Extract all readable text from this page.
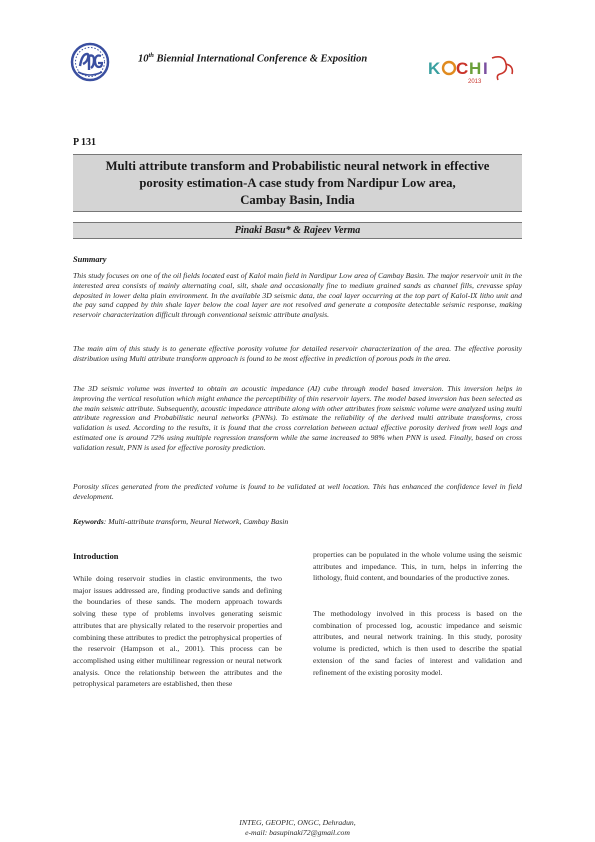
10th Biennial International Conference & Exposition	K C H I
2013
P 131
Multi attribute transform and Probabilistic neural network in effective
porosity estimation-A case study from Nardipur Low area,
Cambay Basin, India
Pinaki Basu* & Rajeev Verma
Summary

This study focuses on one of the oil fields located east of Kalol main field in Nardipur Low area of Cambay Basin. The major reservoir unit in the interested area consists of mainly alternating coal, silt, shale and occasionally fine to medium grained sands as channel fills, crevasse splay deposited in lower delta plain environment. In the available 3D seismic data, the coal layer occurring at the top part of Kalol-IX litho unit and the pay sand capped by thin shale layer below the coal layer are not resolved and generate a composite detectable seismic response, making reservoir characterization difficult through conventional seismic attribute analysis.

The main aim of this study is to generate effective porosity volume for detailed reservoir characterization of the area. The effective porosity distribution using Multi attribute transform approach is found to be most effective in prediction of porous pods in the area.

The 3D seismic volume was inverted to obtain an acoustic impedance (AI) cube through model based inversion. This inversion helps in improving the vertical resolution which might enhance the perceptibility of thin reservoir layers. The model based inversion has been selected as the main seismic attribute. Subsequently, acoustic impedance attribute along with other attributes from seismic volume were analyzed using multi attribute regression and Probabilistic neural networks (PNNs). To estimate the reliability of the derived multi attribute transforms, cross validation is used. According to the results, it is found that the cross correlation between actual effective porosity derived from well logs and estimated one is around 72% using multiple regression transform while the same increased to 98% when PNN is used. Finally, based on cross validation result, PNN is used for effective porosity prediction.

Porosity slices generated from the predicted volume is found to be validated at well location. This has enhanced the confidence level in field development.

Keywords: Multi-attribute transform, Neural Network, Cambay Basin
Introduction

While doing reservoir studies in clastic environments, the two major issues addressed are, finding productive sands and defining the boundaries of these sands. The modern approach towards solving these type of problems involves generating seismic attributes that are physically related to the reservoir properties and combining these attributes to predict the petrophysical properties of the reservoir (Hampson et al., 2001). This process can be accomplished using either multilinear regression or neural network analysis. Once the relationship between the attributes and the petrophysical parameters are established, then these

properties can be populated in the whole volume using the seismic attributes and impedance. This, in turn, helps in inferring the lithology, fluid content, and boundaries of the productive zones.

The methodology involved in this process is based on the combination of processed log, acoustic impedance and seismic attributes, and neural network training. In this study, porosity volume is predicted, which is then used to describe the spatial extension of the sand facies of interest and validation and refinement of the existing porosity model.

INTEG, GEOPIC, ONGC, Dehradun,
e-mail: basupinaki72@gmail.com
